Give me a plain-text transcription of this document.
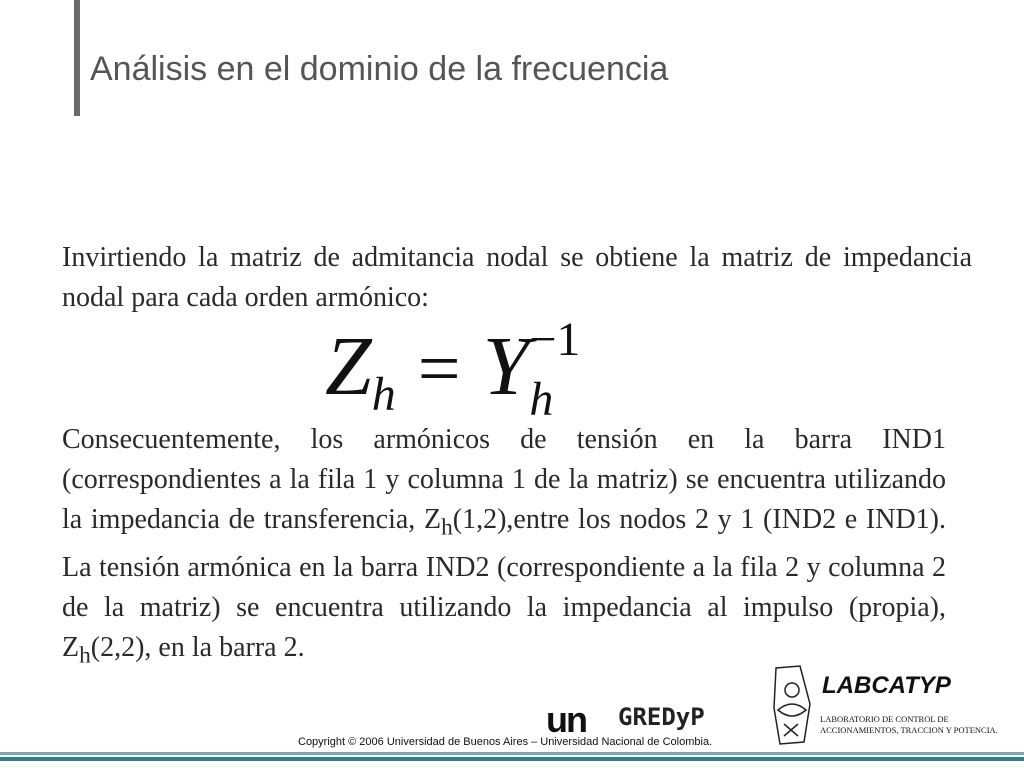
Análisis en el dominio de la frecuencia

Invirtiendo la matriz de admitancia nodal se obtiene la matriz de impedancia nodal para cada orden armónico:

Zh = Y −1
h

Consecuentemente, los armónicos de tensión en la barra IND1 (correspondientes a la fila 1 y columna 1 de la matriz) se encuentra utilizando la impedancia de transferencia, $Z_h(1,2),entre$ los nodos 2 y 1 (IND2 e IND1). La tensión armónica en la barra IND2 (correspondiente a la fila 2 y columna 2 de la matriz) se encuentra utilizando la impedancia al impulso (propia), $Z_h(2,2)$, en la barra 2.

un GREDyP
LABCATYP
LABORATORIO DE CONTROL DE
ACCIONAMIENTOS, TRACCION Y POTENCIA.
Copyright © 2006 Universidad de Buenos Aires – Universidad Nacional de Colombia.
